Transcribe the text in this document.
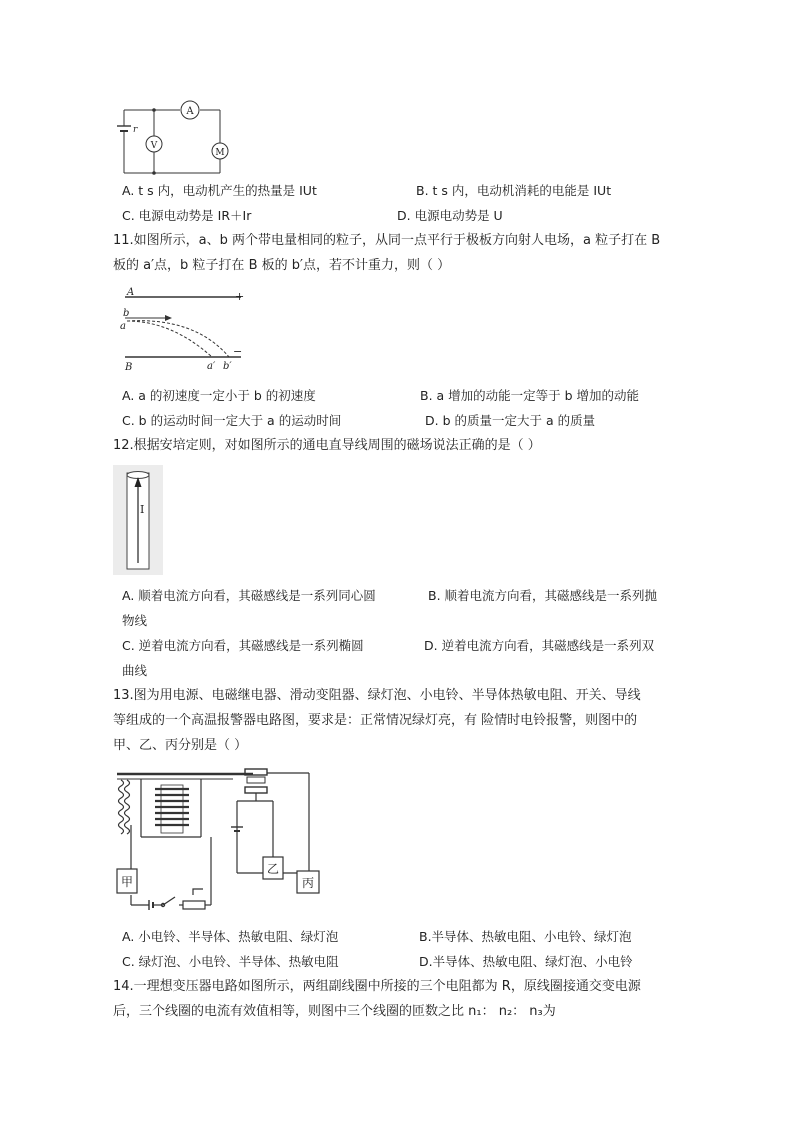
A
V
M
r
A. t s 内，电动机产生的热量是 IUt	B. t s 内，电动机消耗的电能是 IUt
C. 电源电动势是 IR＋Ir	D. 电源电动势是 U
11.如图所示，a、b 两个带电量相同的粒子，从同一点平行于极板方向射人电场，a 粒子打在 B
板的 a′点，b 粒子打在 B 板的 b′点，若不计重力，则（ ）
A
B
+
−
b
a
a′ b′
A. a 的初速度一定小于 b 的初速度	B. a 增加的动能一定等于 b 增加的动能
C. b 的运动时间一定大于 a 的运动时间	D. b 的质量一定大于 a 的质量
12.根据安培定则，对如图所示的通电直导线周围的磁场说法正确的是（ ）
I
A. 顺着电流方向看，其磁感线是一系列同心圆	B. 顺着电流方向看，其磁感线是一系列抛
物线
C. 逆着电流方向看，其磁感线是一系列椭圆	D. 逆着电流方向看，其磁感线是一系列双
曲线
13.图为用电源、电磁继电器、滑动变阻器、绿灯泡、小电铃、半导体热敏电阻、开关、导线
等组成的一个高温报警器电路图，要求是：正常情况绿灯亮，有 险情时电铃报警，则图中的
甲、乙、丙分别是（ ）
甲
乙
丙
A. 小电铃、半导体、热敏电阻、绿灯泡	B.半导体、热敏电阻、小电铃、绿灯泡
C. 绿灯泡、小电铃、半导体、热敏电阻	D.半导体、热敏电阻、绿灯泡、小电铃
14.一理想变压器电路如图所示，两组副线圈中所接的三个电阻都为 R，原线圈接通交变电源
后，三个线圈的电流有效值相等，则图中三个线圈的匝数之比 n₁： n₂： n₃为
